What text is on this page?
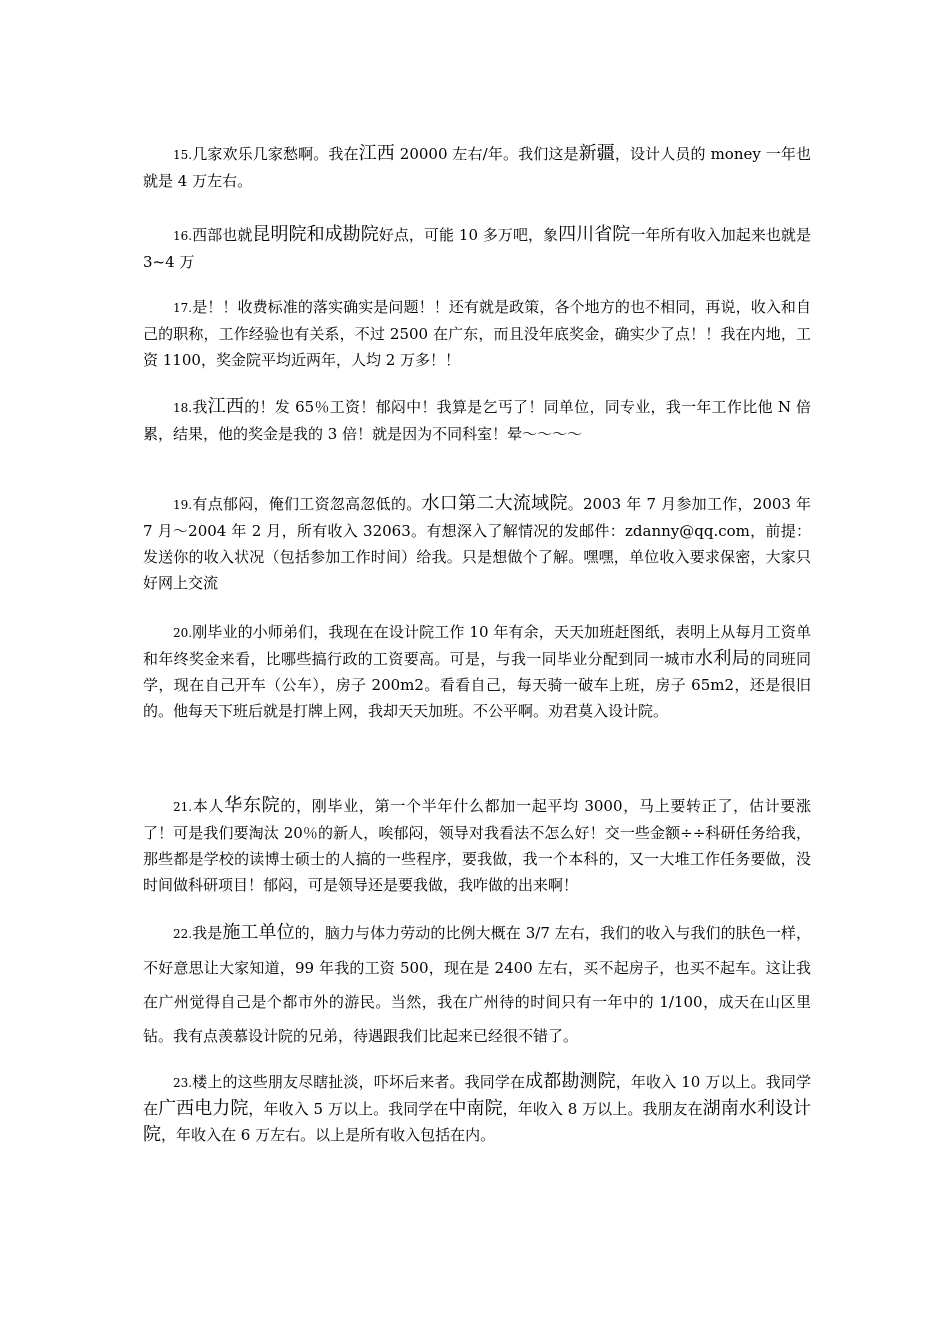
15.几家欢乐几家愁啊。我在江西 20000 左右/年。我们这是新疆，设计人员的 money 一年也就是 4 万左右。

16.西部也就昆明院和成勘院好点，可能 10 多万吧，象四川省院一年所有收入加起来也就是 3~4 万

17.是！！收费标准的落实确实是问题！！还有就是政策，各个地方的也不相同，再说，收入和自己的职称，工作经验也有关系，不过 2500 在广东，而且没年底奖金，确实少了点！！我在内地，工资 1100，奖金院平均近两年，人均 2 万多！！

18.我江西的！发 65％工资！郁闷中！我算是乞丐了！同单位，同专业，我一年工作比他 N 倍累，结果，他的奖金是我的 3 倍！就是因为不同科室！晕～～～～

19.有点郁闷，俺们工资忽高忽低的。水口第二大流域院。2003 年 7 月参加工作，2003 年 7 月～2004 年 2 月，所有收入 32063。有想深入了解情况的发邮件：zdanny@qq.com，前提：发送你的收入状况（包括参加工作时间）给我。只是想做个了解。嘿嘿，单位收入要求保密，大家只好网上交流

20.刚毕业的小师弟们，我现在在设计院工作 10 年有余，天天加班赶图纸，表明上从每月工资单和年终奖金来看，比哪些搞行政的工资要高。可是，与我一同毕业分配到同一城市水利局的同班同学，现在自己开车（公车），房子 200m2。看看自己，每天骑一破车上班，房子 65m2，还是很旧的。他每天下班后就是打牌上网，我却天天加班。不公平啊。劝君莫入设计院。

21.本人华东院的，刚毕业，第一个半年什么都加一起平均 3000，马上要转正了，估计要涨了！可是我们要淘汰 20％的新人，唉郁闷，领导对我看法不怎么好！交一些金额÷÷科研任务给我，那些都是学校的读博士硕士的人搞的一些程序，要我做，我一个本科的，又一大堆工作任务要做，没时间做科研项目！郁闷，可是领导还是要我做，我咋做的出来啊！

22.我是施工单位的，脑力与体力劳动的比例大概在 3/7 左右，我们的收入与我们的肤色一样，不好意思让大家知道，99 年我的工资 500，现在是 2400 左右，买不起房子，也买不起车。这让我在广州觉得自己是个都市外的游民。当然，我在广州待的时间只有一年中的 1/100，成天在山区里钻。我有点羡慕设计院的兄弟，待遇跟我们比起来已经很不错了。

23.楼上的这些朋友尽瞎扯淡，吓坏后来者。我同学在成都勘测院，年收入 10 万以上。我同学在广西电力院，年收入 5 万以上。我同学在中南院，年收入 8 万以上。我朋友在湖南水利设计院，年收入在 6 万左右。以上是所有收入包括在内。
